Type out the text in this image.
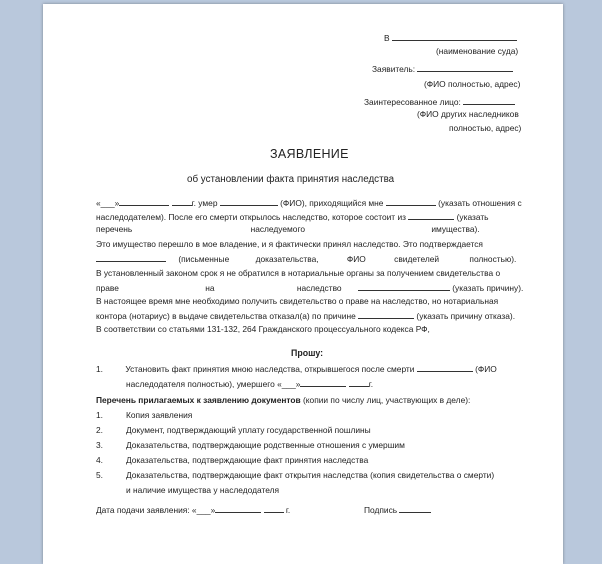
В
(наименование суда)
Заявитель:
(ФИО полностью, адрес)
Заинтересованное лицо:
(ФИО других наследников
полностью, адрес)
ЗАЯВЛЕНИЕ
об установлении факта принятия наследства
«___»	г. умер	(ФИО), приходящийся мне	(указать отношения с
наследодателем). После его смерти открылось наследство, которое состоит из	(указать
перечень	наследуемого	имущества).
Это имущество перешло в мое владение, и я фактически принял наследство. Это подтверждается
(письменные	доказательства,	ФИО	свидетелей	полностью).
В установленный законом срок я не обратился в нотариальные органы за получением свидетельства о
праве	на	наследство	(указать причину).
В настоящее время мне необходимо получить свидетельство о праве на наследство, но нотариальная
контора (нотариус) в выдаче свидетельства отказал(а) по причине	(указать причину отказа).
В соответствии со статьями 131-132, 264 Гражданского процессуального кодекса РФ,
Прошу:
1.	Установить факт принятия мною наследства, открывшегося после смерти	(ФИО
наследодателя полностью), умершего «___»	г.
Перечень прилагаемых к заявлению документов (копии по числу лиц, участвующих в деле):
1.	Копия заявления
2.	Документ, подтверждающий уплату государственной пошлины
3.	Доказательства, подтверждающие родственные отношения с умершим
4.	Доказательства, подтверждающие факт принятия наследства
5.	Доказательства, подтверждающие факт открытия наследства (копия свидетельства о смерти)
и наличие имущества у наследодателя
Дата подачи заявления: «___»	г.	Подпись
